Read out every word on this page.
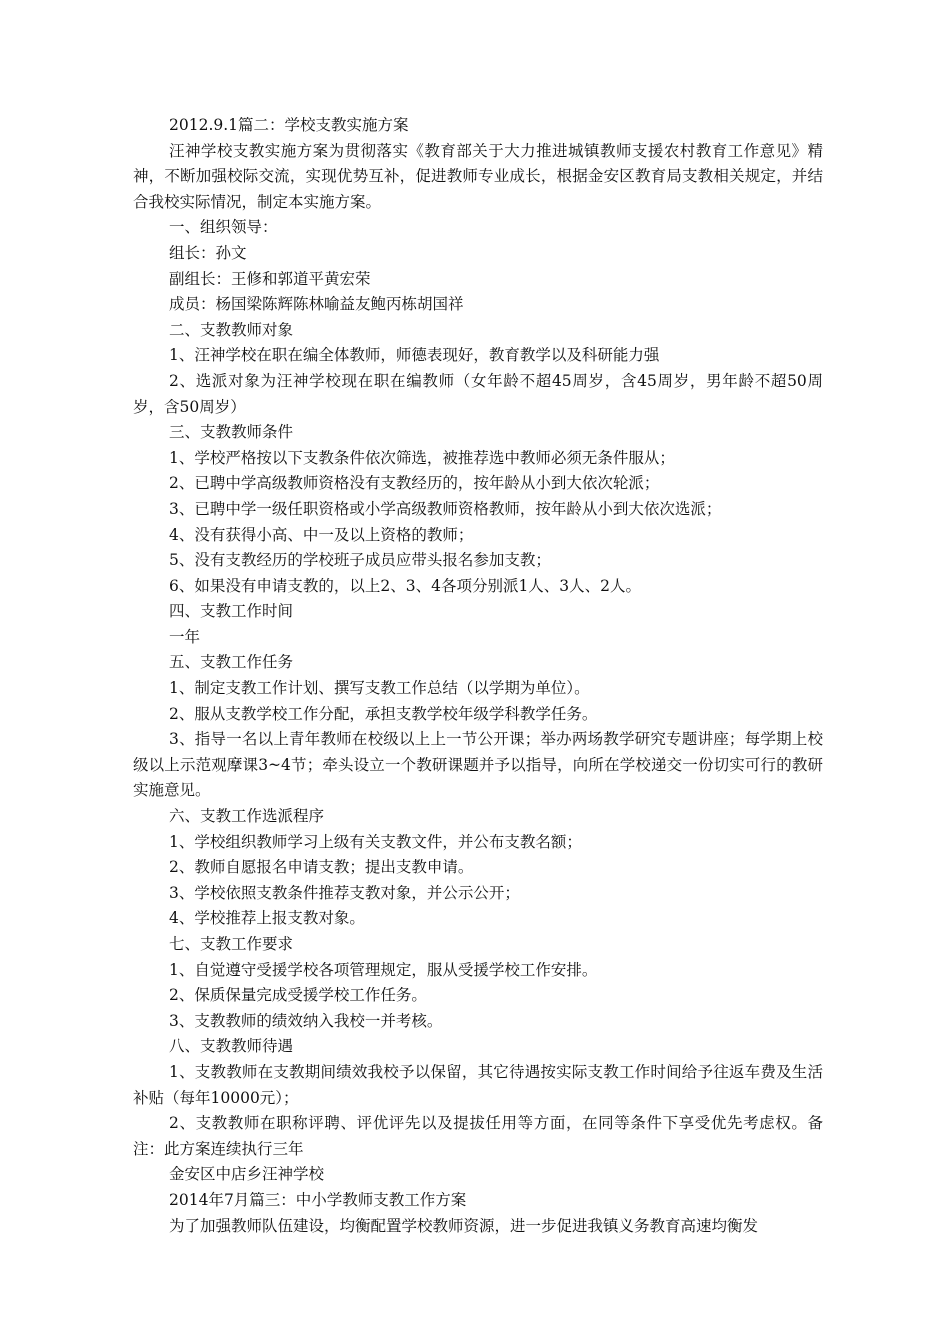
2012.9.1篇二：学校支教实施方案

汪神学校支教实施方案为贯彻落实《教育部关于大力推进城镇教师支援农村教育工作意见》精神，不断加强校际交流，实现优势互补，促进教师专业成长，根据金安区教育局支教相关规定，并结合我校实际情况，制定本实施方案。

一、组织领导：

组长：孙文

副组长：王修和郭道平黄宏荣

成员：杨国梁陈辉陈林喻益友鲍丙栋胡国祥

二、支教教师对象

1、汪神学校在职在编全体教师，师德表现好，教育教学以及科研能力强

2、选派对象为汪神学校现在职在编教师（女年龄不超45周岁，含45周岁，男年龄不超50周岁，含50周岁）

三、支教教师条件

1、学校严格按以下支教条件依次筛选，被推荐选中教师必须无条件服从；

2、已聘中学高级教师资格没有支教经历的，按年龄从小到大依次轮派；

3、已聘中学一级任职资格或小学高级教师资格教师，按年龄从小到大依次选派；

4、没有获得小高、中一及以上资格的教师；

5、没有支教经历的学校班子成员应带头报名参加支教；

6、如果没有申请支教的，以上2、3、4各项分别派1人、3人、2人。

四、支教工作时间

一年

五、支教工作任务

1、制定支教工作计划、撰写支教工作总结（以学期为单位）。

2、服从支教学校工作分配，承担支教学校年级学科教学任务。

3、指导一名以上青年教师在校级以上上一节公开课；举办两场教学研究专题讲座；每学期上校级以上示范观摩课3~4节；牵头设立一个教研课题并予以指导，向所在学校递交一份切实可行的教研实施意见。

六、支教工作选派程序

1、学校组织教师学习上级有关支教文件，并公布支教名额；

2、教师自愿报名申请支教；提出支教申请。

3、学校依照支教条件推荐支教对象，并公示公开；

4、学校推荐上报支教对象。

七、支教工作要求

1、自觉遵守受援学校各项管理规定，服从受援学校工作安排。

2、保质保量完成受援学校工作任务。

3、支教教师的绩效纳入我校一并考核。

八、支教教师待遇

1、支教教师在支教期间绩效我校予以保留，其它待遇按实际支教工作时间给予往返车费及生活补贴（每年10000元）；

2、支教教师在职称评聘、评优评先以及提拔任用等方面，在同等条件下享受优先考虑权。备注：此方案连续执行三年

金安区中店乡汪神学校

2014年7月篇三：中小学教师支教工作方案

为了加强教师队伍建设，均衡配置学校教师资源，进一步促进我镇义务教育高速均衡发
